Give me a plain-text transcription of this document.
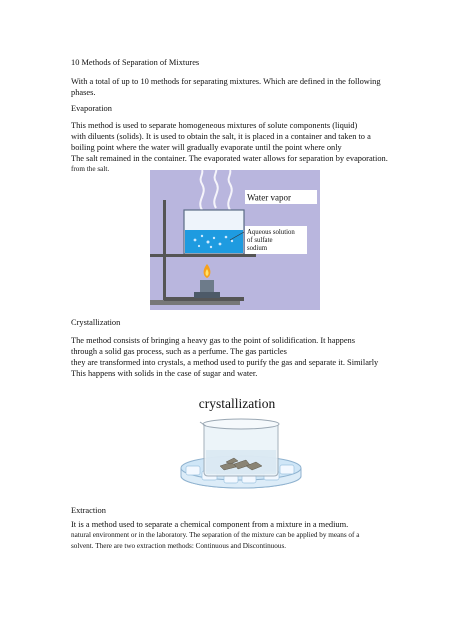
10 Methods of Separation of Mixtures
With a total of up to 10 methods for separating mixtures. Which are defined in the following
phases.
Evaporation
This method is used to separate homogeneous mixtures of solute components (liquid)
with diluents (solids). It is used to obtain the salt, it is placed in a container and taken to a
boiling point where the water will gradually evaporate until the point where only
The salt remained in the container. The evaporated water allows for separation by evaporation.
from the salt.
Water vapor
Aqueous solution
of sulfate
sodium
Crystallization
The method consists of bringing a heavy gas to the point of solidification. It happens
through a solid gas process, such as a perfume. The gas particles
they are transformed into crystals, a method used to purify the gas and separate it. Similarly
This happens with solids in the case of sugar and water.
crystallization
Extraction
It is a method used to separate a chemical component from a mixture in a medium.
natural environment or in the laboratory. The separation of the mixture can be applied by means of a
solvent. There are two extraction methods: Continuous and Discontinuous.
